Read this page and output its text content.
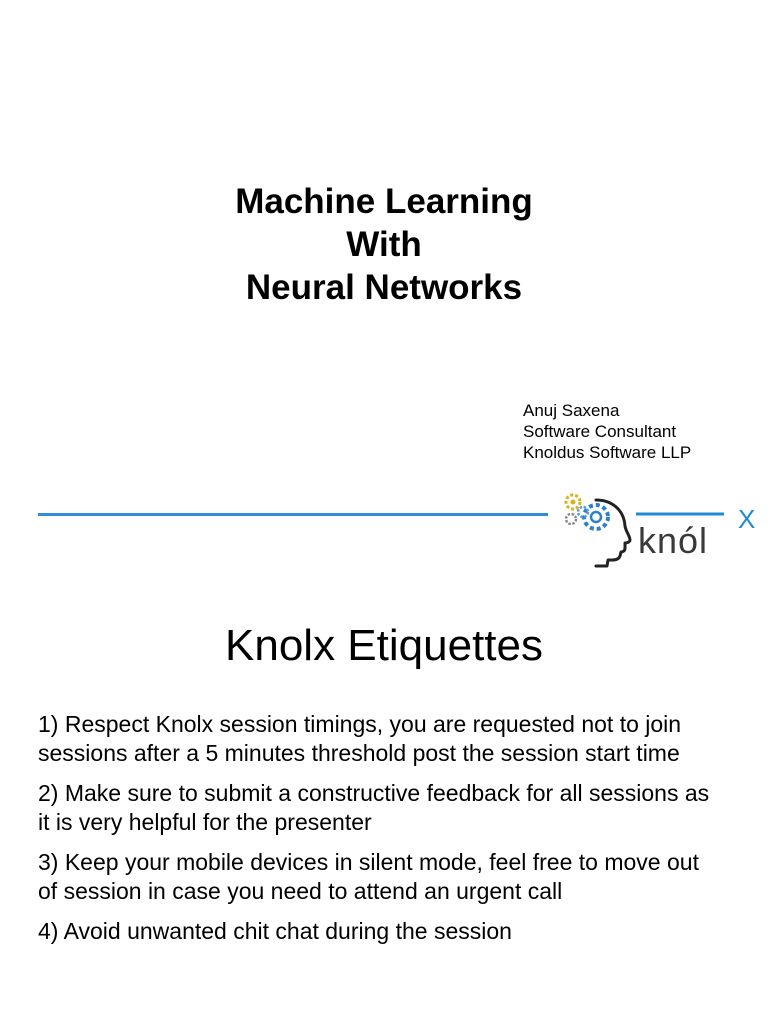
Machine Learning
With
Neural Networks
Anuj Saxena
Software Consultant
Knoldus Software LLP
knól
X
Knolx Etiquettes
1) Respect Knolx session timings, you are requested not to join sessions after a 5 minutes threshold post the session start time
2) Make sure to submit a constructive feedback for all sessions as it is very helpful for the presenter
3) Keep your mobile devices in silent mode, feel free to move out of session in case you need to attend an urgent call
4) Avoid unwanted chit chat during the session
